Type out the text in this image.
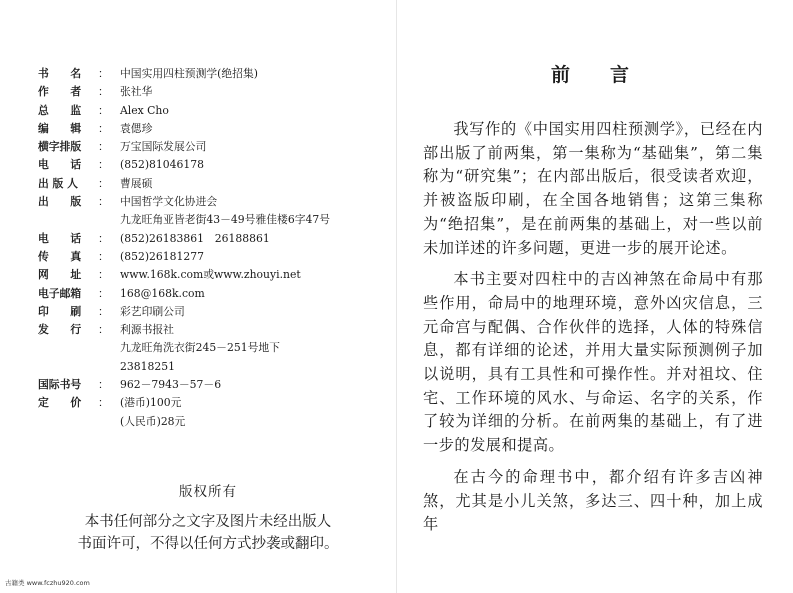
书　　名	：	中国实用四柱预测学(绝招集)
作　　者	：	张社华
总　　监	：	Alex Cho
编　　辑	：	袁偲珍
横字排版	：	万宝国际发展公司
电　　话	：	(852)81046178
出 版 人	：	曹展硕
出　　版	：	中国哲学文化协进会
九龙旺角亚皆老街43－49号雅佳楼6字47号
电　　话	：	(852)26183861　26188861
传　　真	：	(852)26181277
网　　址	：	www.168k.com或www.zhouyi.net
电子邮箱	：	168@168k.com
印　　刷	：	彩艺印刷公司
发　　行	：	利源书报社
九龙旺角洗衣街245－251号地下
23818251
国际书号	：	962－7943－57－6
定　　价	：	(港币)100元
(人民币)28元
版权所有
本书任何部分之文字及图片未经出版人
书面许可，不得以任何方式抄袭或翻印。
古籍类 www.fczhu920.com
前言

我写作的《中国实用四柱预测学》，已经在内部出版了前两集，第一集称为“基础集”，第二集称为“研究集”；在内部出版后，很受读者欢迎，并被盗版印刷，在全国各地销售；这第三集称为“绝招集”，是在前两集的基础上，对一些以前未加详述的许多问题，更进一步的展开论述。

本书主要对四柱中的吉凶神煞在命局中有那些作用，命局中的地理环境，意外凶灾信息，三元命宫与配偶、合作伙伴的选择，人体的特殊信息，都有详细的论述，并用大量实际预测例子加以说明，具有工具性和可操作性。并对祖坟、住宅、工作环境的风水、与命运、名字的关系，作了较为详细的分析。在前两集的基础上，有了进一步的发展和提高。

在古今的命理书中，都介绍有许多吉凶神煞，尤其是小儿关煞，多达三、四十种，加上成年
